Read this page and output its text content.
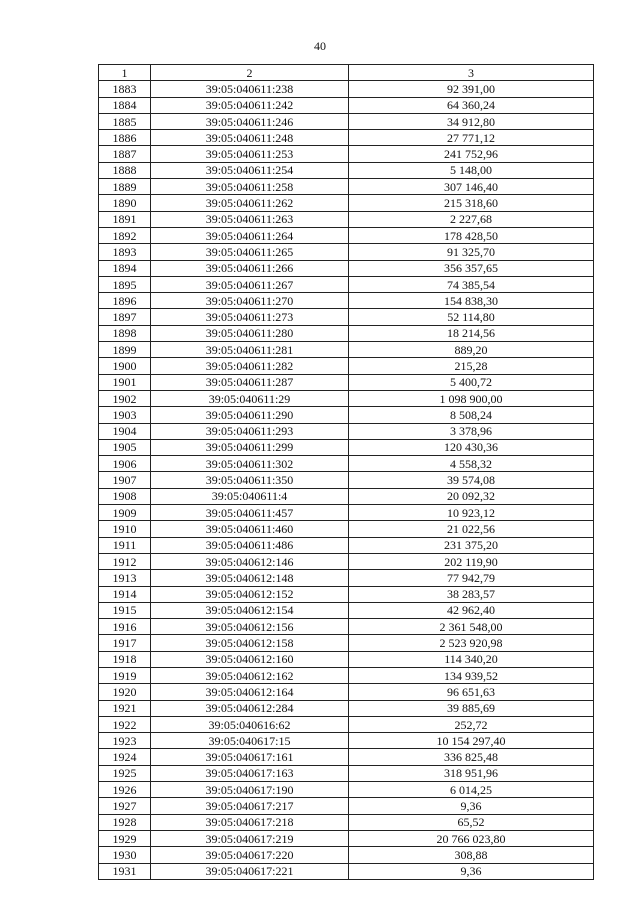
40
1	2	3
1883	39:05:040611:238	92 391,00
1884	39:05:040611:242	64 360,24
1885	39:05:040611:246	34 912,80
1886	39:05:040611:248	27 771,12
1887	39:05:040611:253	241 752,96
1888	39:05:040611:254	5 148,00
1889	39:05:040611:258	307 146,40
1890	39:05:040611:262	215 318,60
1891	39:05:040611:263	2 227,68
1892	39:05:040611:264	178 428,50
1893	39:05:040611:265	91 325,70
1894	39:05:040611:266	356 357,65
1895	39:05:040611:267	74 385,54
1896	39:05:040611:270	154 838,30
1897	39:05:040611:273	52 114,80
1898	39:05:040611:280	18 214,56
1899	39:05:040611:281	889,20
1900	39:05:040611:282	215,28
1901	39:05:040611:287	5 400,72
1902	39:05:040611:29	1 098 900,00
1903	39:05:040611:290	8 508,24
1904	39:05:040611:293	3 378,96
1905	39:05:040611:299	120 430,36
1906	39:05:040611:302	4 558,32
1907	39:05:040611:350	39 574,08
1908	39:05:040611:4	20 092,32
1909	39:05:040611:457	10 923,12
1910	39:05:040611:460	21 022,56
1911	39:05:040611:486	231 375,20
1912	39:05:040612:146	202 119,90
1913	39:05:040612:148	77 942,79
1914	39:05:040612:152	38 283,57
1915	39:05:040612:154	42 962,40
1916	39:05:040612:156	2 361 548,00
1917	39:05:040612:158	2 523 920,98
1918	39:05:040612:160	114 340,20
1919	39:05:040612:162	134 939,52
1920	39:05:040612:164	96 651,63
1921	39:05:040612:284	39 885,69
1922	39:05:040616:62	252,72
1923	39:05:040617:15	10 154 297,40
1924	39:05:040617:161	336 825,48
1925	39:05:040617:163	318 951,96
1926	39:05:040617:190	6 014,25
1927	39:05:040617:217	9,36
1928	39:05:040617:218	65,52
1929	39:05:040617:219	20 766 023,80
1930	39:05:040617:220	308,88
1931	39:05:040617:221	9,36
